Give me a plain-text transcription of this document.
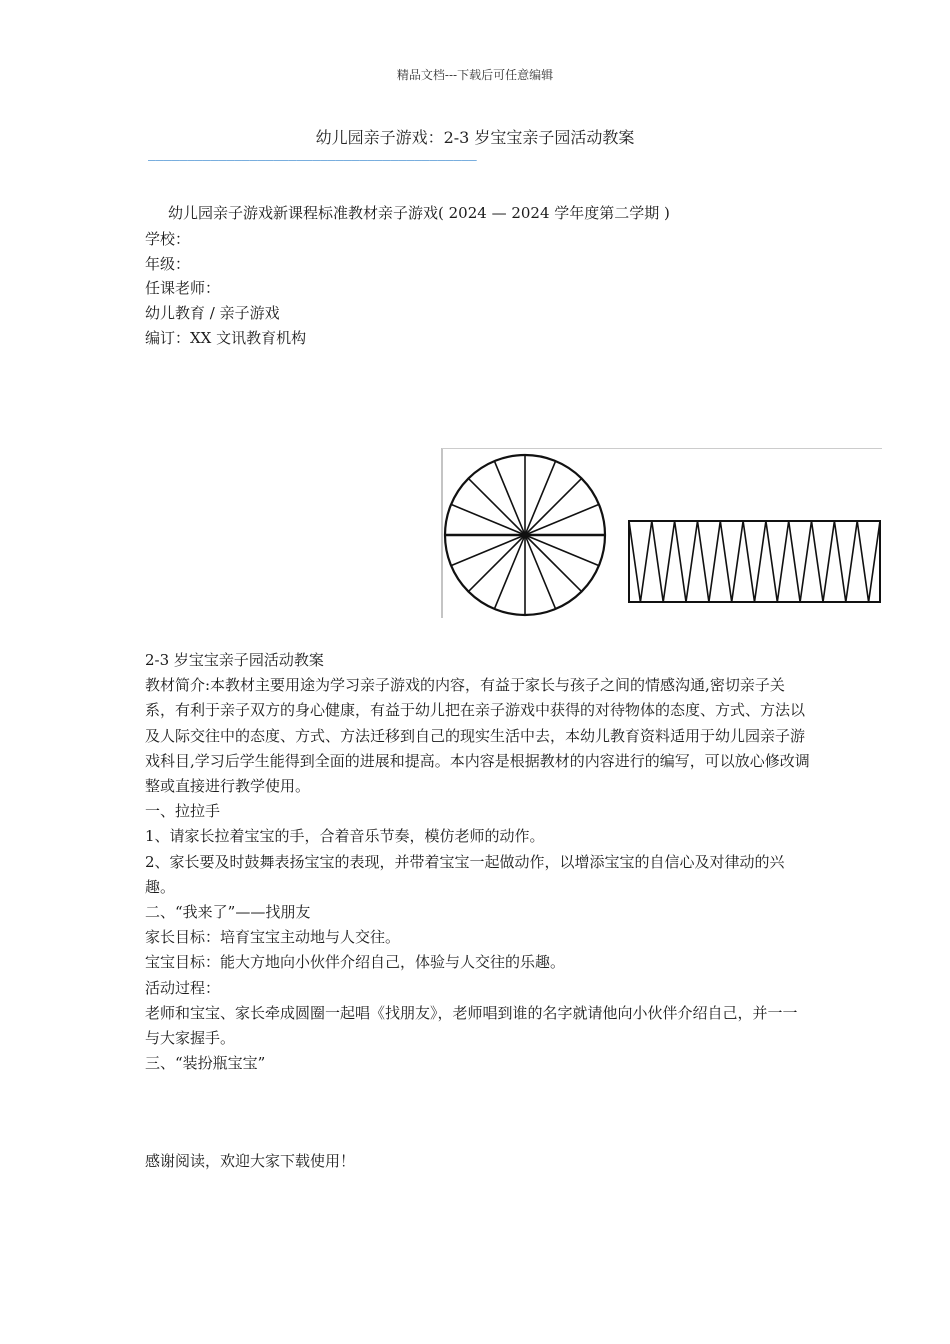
精品文档---下载后可任意编辑
幼儿园亲子游戏：2-3 岁宝宝亲子园活动教案
——————————————————————————————————————————
幼儿园亲子游戏新课程标准教材亲子游戏( 2024 — 2024 学年度第二学期 )
学校：
年级：
任课老师：
幼儿教育 / 亲子游戏
编订：XX 文讯教育机构

2-3 岁宝宝亲子园活动教案

教材简介:本教材主要用途为学习亲子游戏的内容，有益于家长与孩子之间的情感沟通,密切亲子关系，有利于亲子双方的身心健康，有益于幼儿把在亲子游戏中获得的对待物体的态度、方式、方法以及人际交往中的态度、方式、方法迁移到自己的现实生活中去，本幼儿教育资料适用于幼儿园亲子游戏科目,学习后学生能得到全面的进展和提高。本内容是根据教材的内容进行的编写，可以放心修改调整或直接进行教学使用。

一、拉拉手

1、请家长拉着宝宝的手，合着音乐节奏，模仿老师的动作。

2、家长要及时鼓舞表扬宝宝的表现，并带着宝宝一起做动作，以增添宝宝的自信心及对律动的兴趣。

二、“我来了”——找朋友

家长目标：培育宝宝主动地与人交往。

宝宝目标：能大方地向小伙伴介绍自己，体验与人交往的乐趣。

活动过程：

老师和宝宝、家长牵成圆圈一起唱《找朋友》，老师唱到谁的名字就请他向小伙伴介绍自己，并一一与大家握手。

三、“装扮瓶宝宝”

感谢阅读，欢迎大家下载使用！
